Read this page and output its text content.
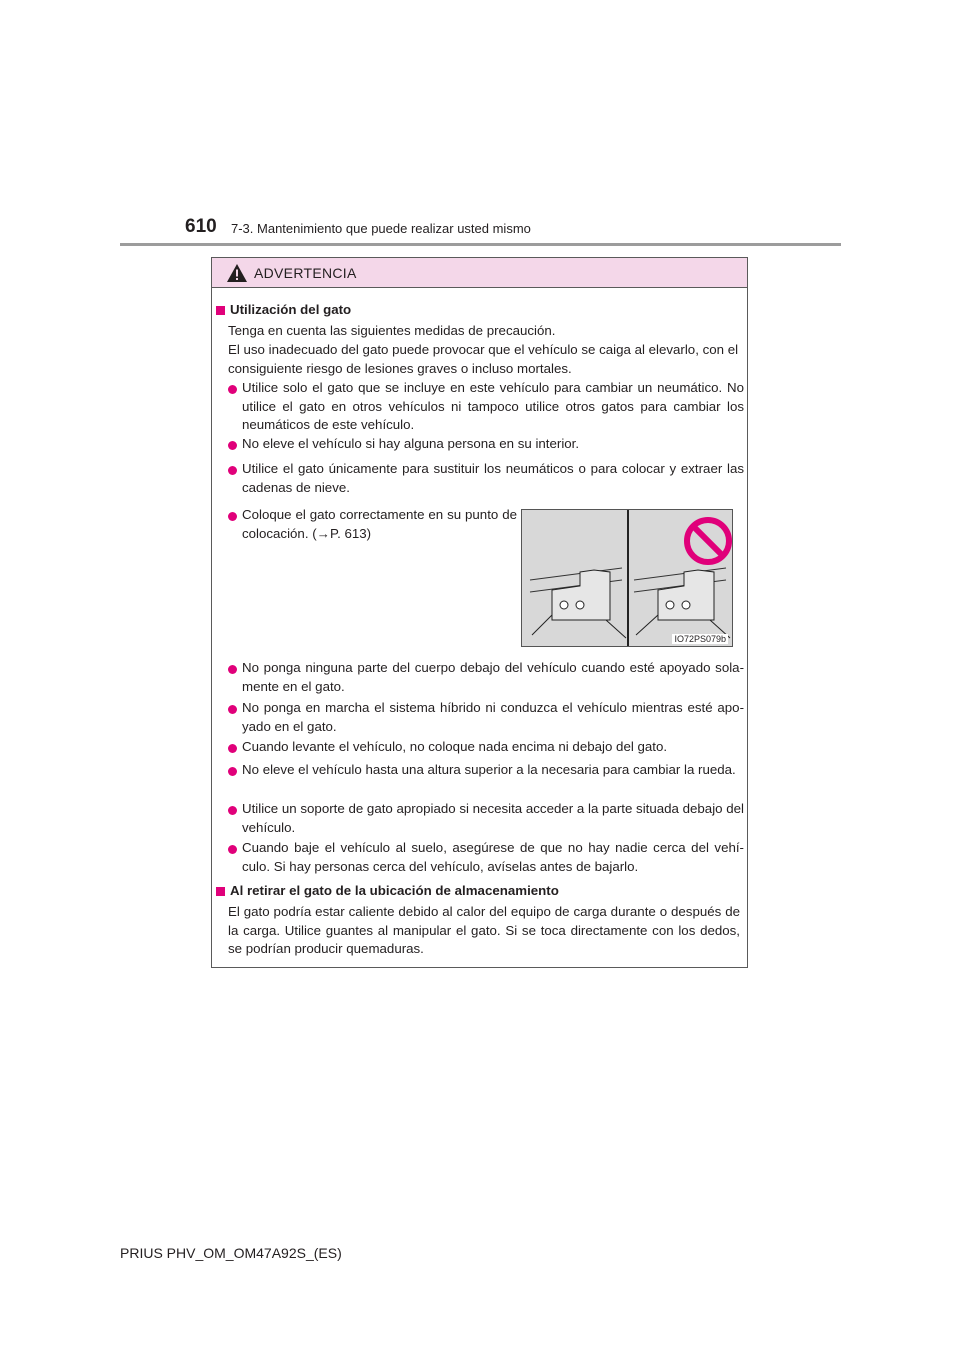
610 7-3. Mantenimiento que puede realizar usted mismo
ADVERTENCIA
Utilización del gato
Tenga en cuenta las siguientes medidas de precaución.
El uso inadecuado del gato puede provocar que el vehículo se caiga al elevarlo, con el consiguiente riesgo de lesiones graves o incluso mortales.
Utilice solo el gato que se incluye en este vehículo para cambiar un neumático. No utilice el gato en otros vehículos ni tampoco utilice otros gatos para cambiar los neumáticos de este vehículo.
No eleve el vehículo si hay alguna persona en su interior.
Utilice el gato únicamente para sustituir los neumáticos o para colocar y extraer las cadenas de nieve.
Coloque el gato correctamente en su punto de colocación. (→P. 613)
IO72PS079b
No ponga ninguna parte del cuerpo debajo del vehículo cuando esté apoyado sola-mente en el gato.
No ponga en marcha el sistema híbrido ni conduzca el vehículo mientras esté apo-yado en el gato.
Cuando levante el vehículo, no coloque nada encima ni debajo del gato.
No eleve el vehículo hasta una altura superior a la necesaria para cambiar la rueda.
Utilice un soporte de gato apropiado si necesita acceder a la parte situada debajo del vehículo.
Cuando baje el vehículo al suelo, asegúrese de que no hay nadie cerca del vehí-culo. Si hay personas cerca del vehículo, avíselas antes de bajarlo.
Al retirar el gato de la ubicación de almacenamiento
El gato podría estar caliente debido al calor del equipo de carga durante o después de la carga. Utilice guantes al manipular el gato. Si se toca directamente con los dedos, se podrían producir quemaduras.
PRIUS PHV_OM_OM47A92S_(ES)
